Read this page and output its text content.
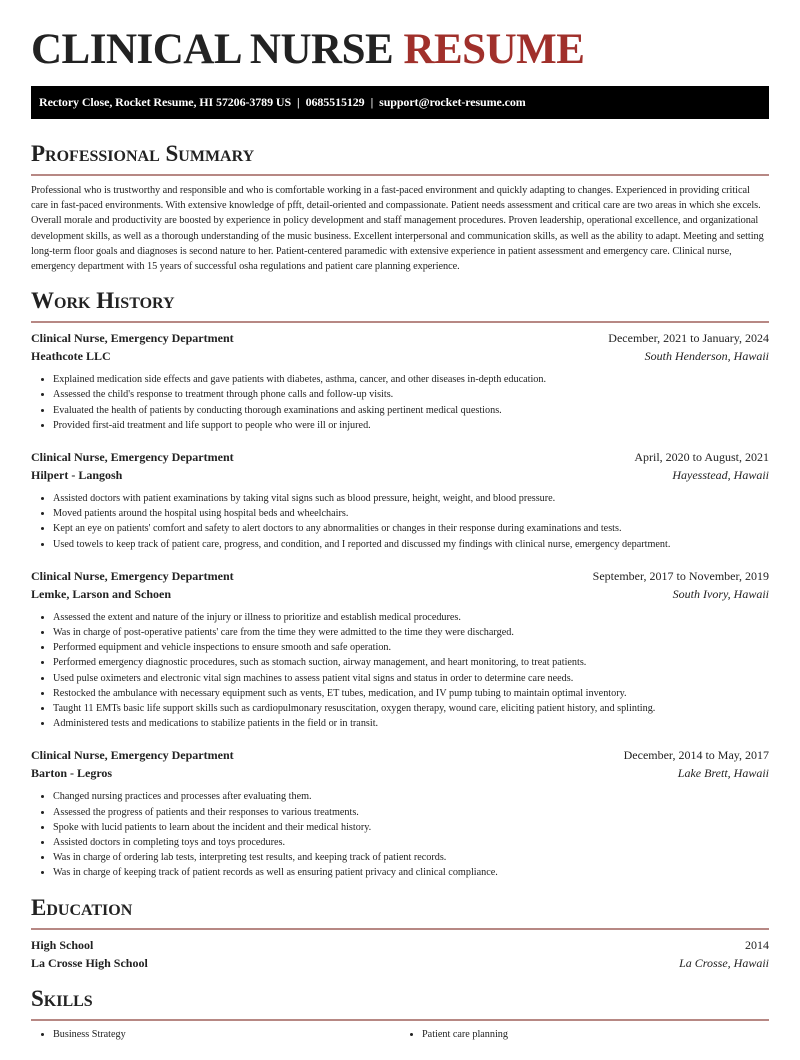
CLINICAL NURSE RESUME
Rectory Close, Rocket Resume, HI 57206-3789 US | 0685515129 | support@rocket-resume.com
Professional Summary

Professional who is trustworthy and responsible and who is comfortable working in a fast-paced environment and quickly adapting to changes. Experienced in providing critical care in fast-paced environments. With extensive knowledge of pfft, detail-oriented and compassionate. Patient needs assessment and critical care are two areas in which she excels. Overall morale and productivity are boosted by experience in policy development and staff management procedures. Proven leadership, operational excellence, and organizational development skills, as well as a thorough understanding of the music business. Excellent interpersonal and communication skills, as well as the ability to adapt. Meeting and setting long-term floor goals and diagnoses is second nature to her. Patient-centered paramedic with extensive experience in patient assessment and emergency care. Clinical nurse, emergency department with 15 years of successful osha regulations and patient care planning experience.

Work History
Clinical Nurse, Emergency Department	December, 2021 to January, 2024
Heathcote LLC	South Henderson, Hawaii
• Explained medication side effects and gave patients with diabetes, asthma, cancer, and other diseases in-depth education.
• Assessed the child's response to treatment through phone calls and follow-up visits.
• Evaluated the health of patients by conducting thorough examinations and asking pertinent medical questions.
• Provided first-aid treatment and life support to people who were ill or injured.
Clinical Nurse, Emergency Department	April, 2020 to August, 2021
Hilpert - Langosh	Hayesstead, Hawaii
• Assisted doctors with patient examinations by taking vital signs such as blood pressure, height, weight, and blood pressure.
• Moved patients around the hospital using hospital beds and wheelchairs.
• Kept an eye on patients' comfort and safety to alert doctors to any abnormalities or changes in their response during examinations and tests.
• Used towels to keep track of patient care, progress, and condition, and I reported and discussed my findings with clinical nurse, emergency department.
Clinical Nurse, Emergency Department	September, 2017 to November, 2019
Lemke, Larson and Schoen	South Ivory, Hawaii
• Assessed the extent and nature of the injury or illness to prioritize and establish medical procedures.
• Was in charge of post-operative patients' care from the time they were admitted to the time they were discharged.
• Performed equipment and vehicle inspections to ensure smooth and safe operation.
• Performed emergency diagnostic procedures, such as stomach suction, airway management, and heart monitoring, to treat patients.
• Used pulse oximeters and electronic vital sign machines to assess patient vital signs and status in order to determine care needs.
• Restocked the ambulance with necessary equipment such as vents, ET tubes, medication, and IV pump tubing to maintain optimal inventory.
• Taught 11 EMTs basic life support skills such as cardiopulmonary resuscitation, oxygen therapy, wound care, eliciting patient history, and splinting.
• Administered tests and medications to stabilize patients in the field or in transit.
Clinical Nurse, Emergency Department	December, 2014 to May, 2017
Barton - Legros	Lake Brett, Hawaii
• Changed nursing practices and processes after evaluating them.
• Assessed the progress of patients and their responses to various treatments.
• Spoke with lucid patients to learn about the incident and their medical history.
• Assisted doctors in completing toys and toys procedures.
• Was in charge of ordering lab tests, interpreting test results, and keeping track of patient records.
• Was in charge of keeping track of patient records as well as ensuring patient privacy and clinical compliance.
Education
High School	2014
La Crosse High School	La Crosse, Hawaii
Skills
• Business Strategy	• Patient care planning
